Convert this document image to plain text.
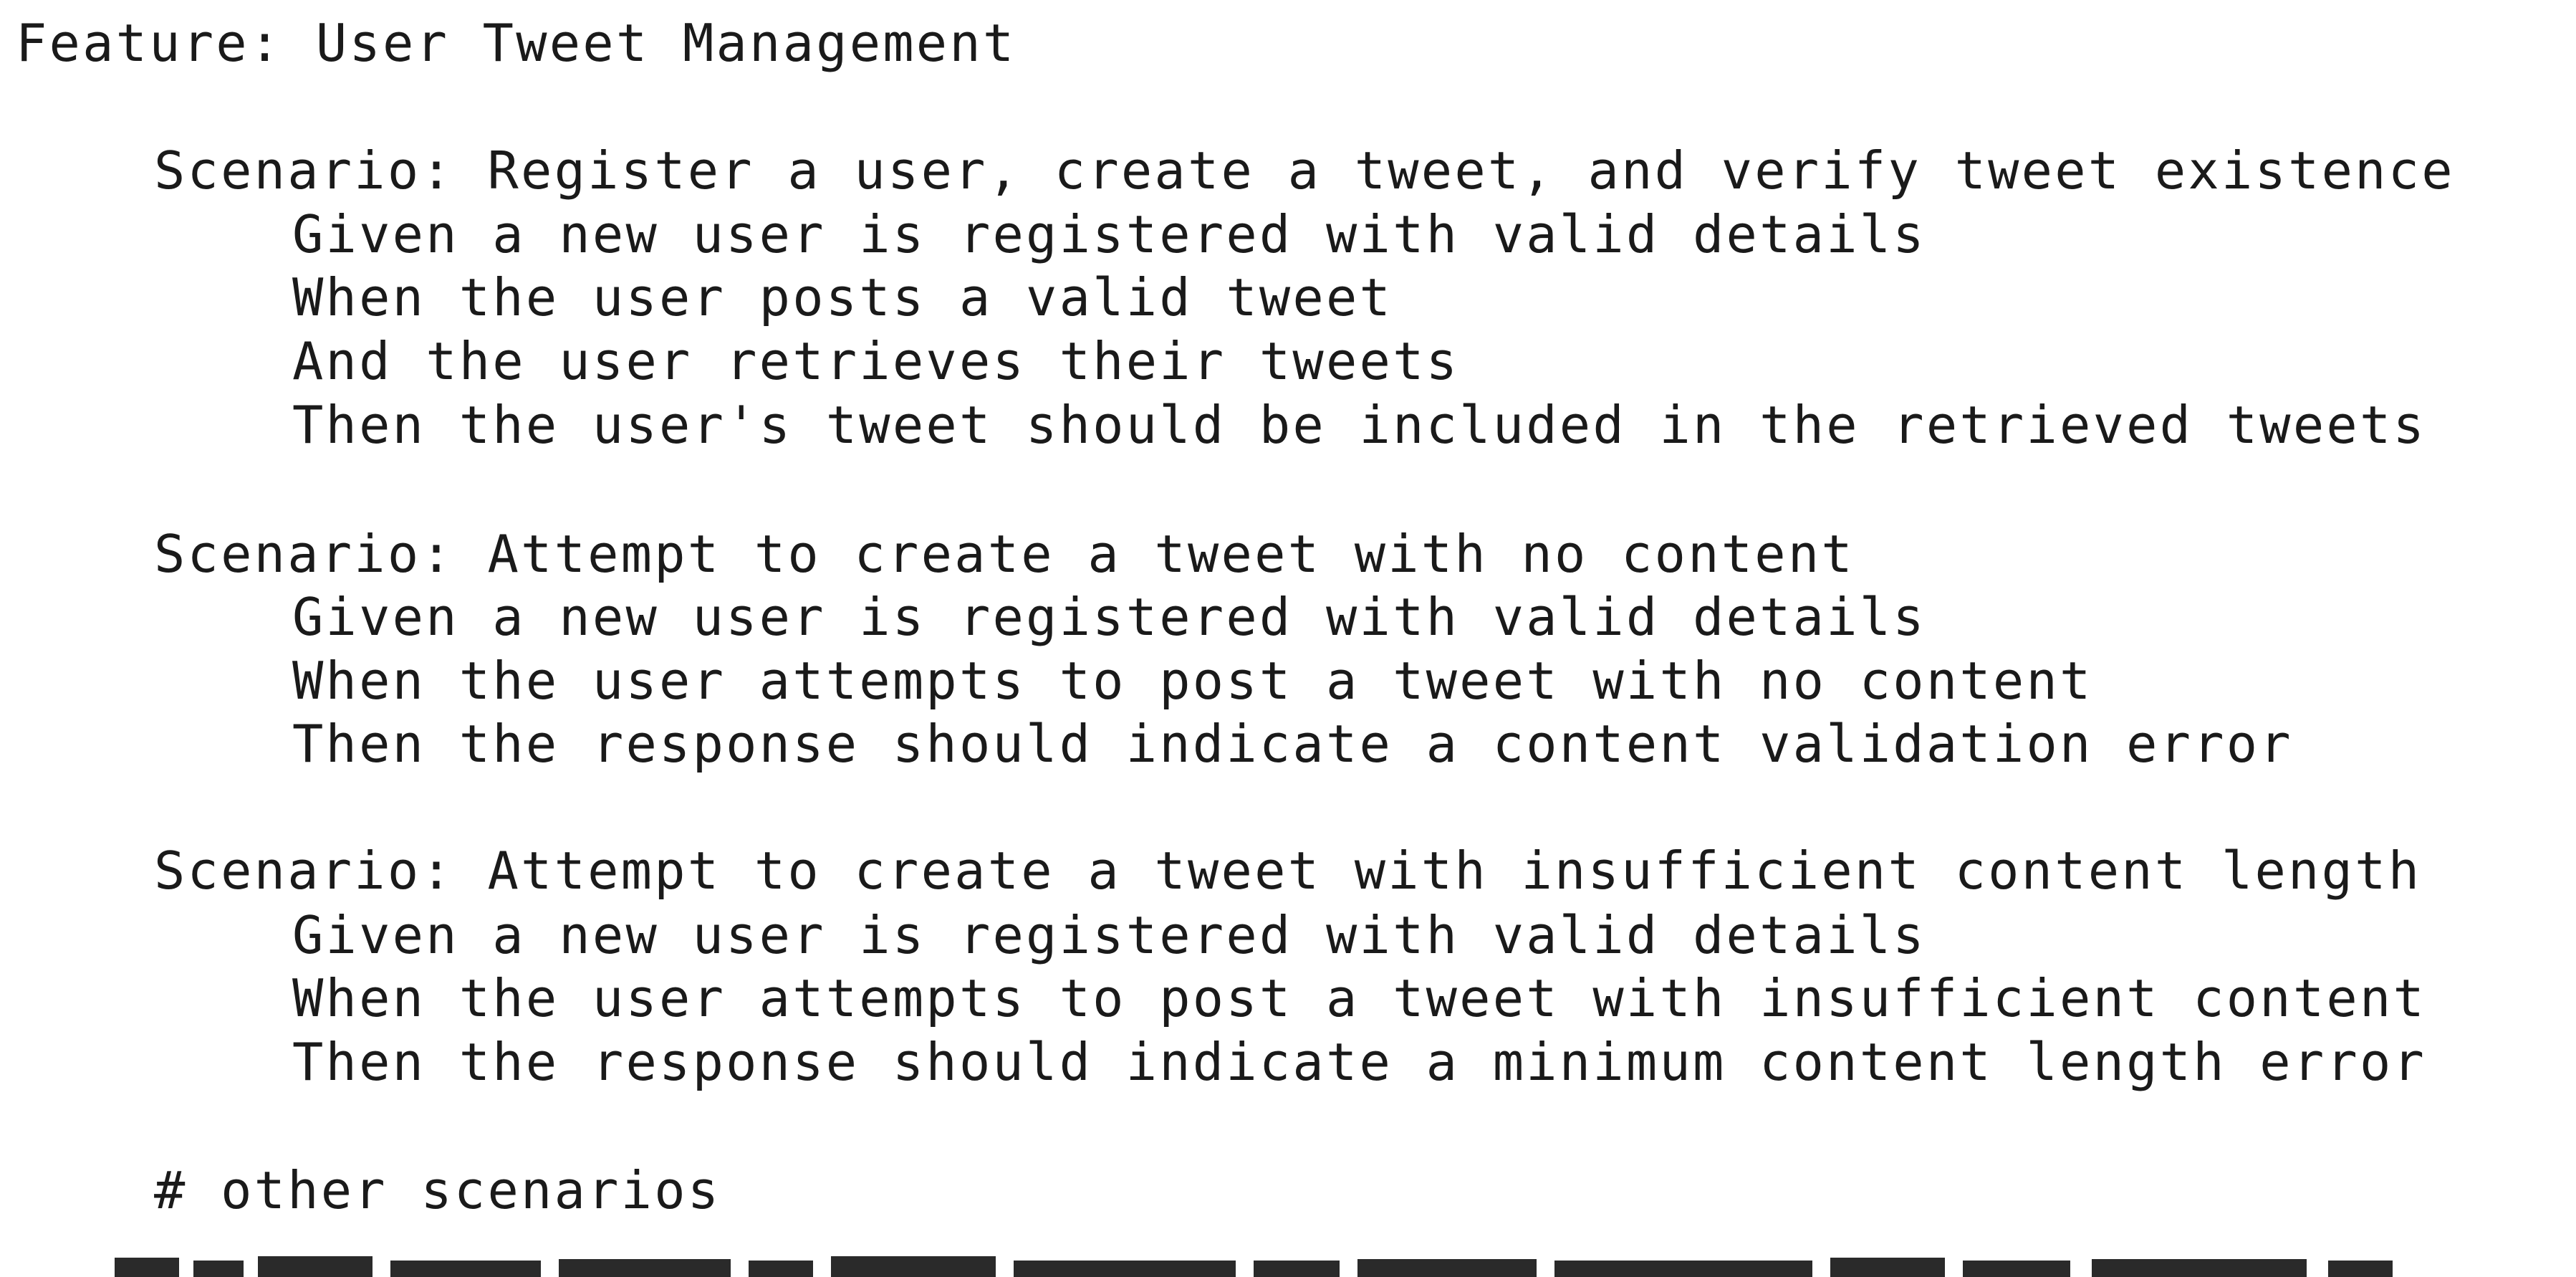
Feature: User Tweet Management
Scenario: Register a user, create a tweet, and verify tweet existence
Given a new user is registered with valid details
When the user posts a valid tweet
And the user retrieves their tweets
Then the user's tweet should be included in the retrieved tweets
Scenario: Attempt to create a tweet with no content
Given a new user is registered with valid details
When the user attempts to post a tweet with no content
Then the response should indicate a content validation error
Scenario: Attempt to create a tweet with insufficient content length
Given a new user is registered with valid details
When the user attempts to post a tweet with insufficient content
Then the response should indicate a minimum content length error
# other scenarios
